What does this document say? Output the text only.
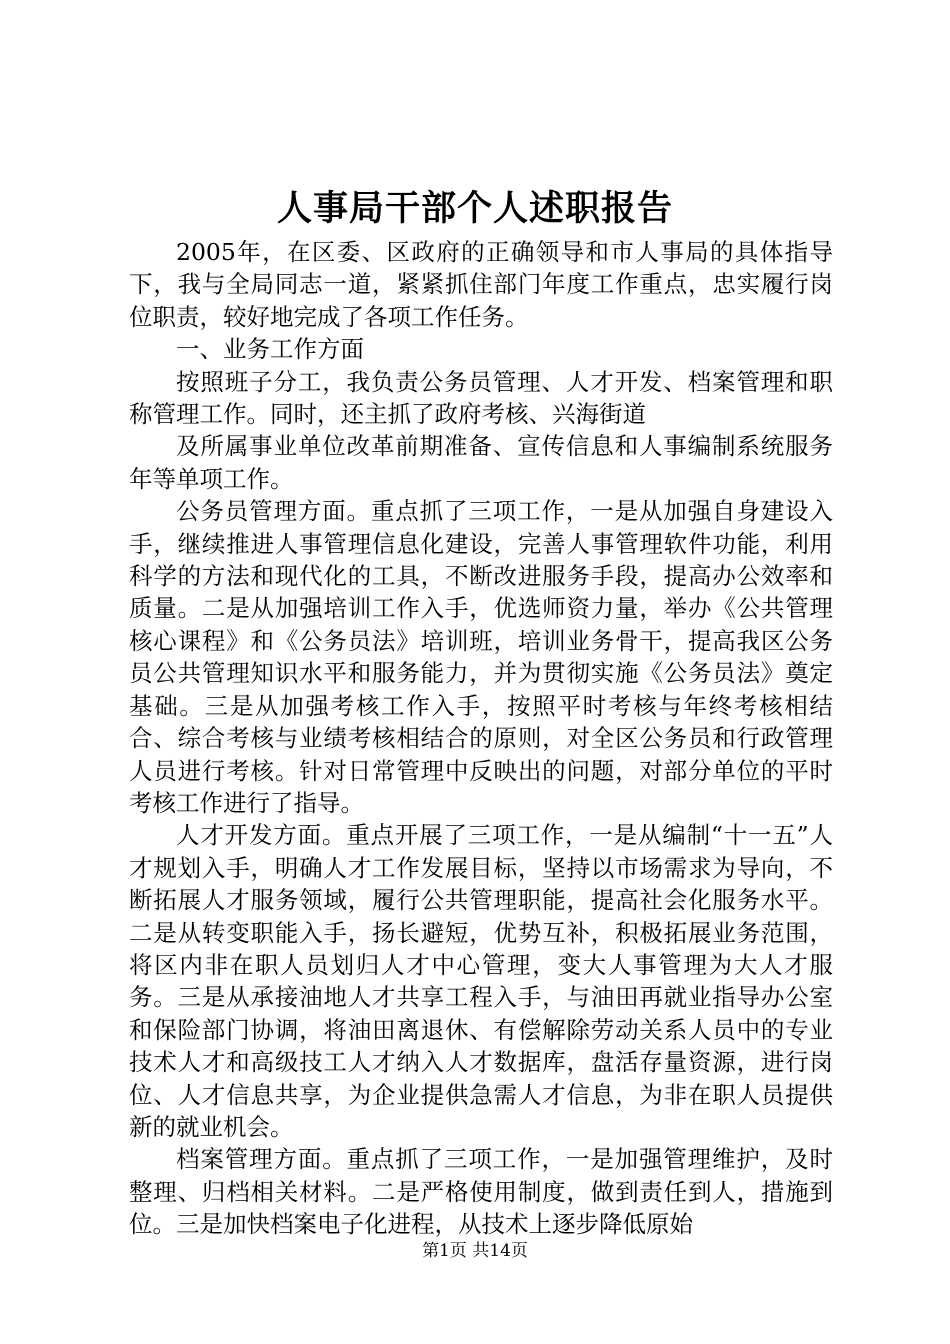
人事局干部个人述职报告

2005年，在区委、区政府的正确领导和市人事局的具体指导下，我与全局同志一道，紧紧抓住部门年度工作重点，忠实履行岗位职责，较好地完成了各项工作任务。

一、业务工作方面

按照班子分工，我负责公务员管理、人才开发、档案管理和职称管理工作。同时，还主抓了政府考核、兴海街道

及所属事业单位改革前期准备、宣传信息和人事编制系统服务年等单项工作。

公务员管理方面。重点抓了三项工作，一是从加强自身建设入手，继续推进人事管理信息化建设，完善人事管理软件功能，利用科学的方法和现代化的工具，不断改进服务手段，提高办公效率和质量。二是从加强培训工作入手，优选师资力量，举办《公共管理核心课程》和《公务员法》培训班，培训业务骨干，提高我区公务员公共管理知识水平和服务能力，并为贯彻实施《公务员法》奠定基础。三是从加强考核工作入手，按照平时考核与年终考核相结合、综合考核与业绩考核相结合的原则，对全区公务员和行政管理人员进行考核。针对日常管理中反映出的问题，对部分单位的平时考核工作进行了指导。

人才开发方面。重点开展了三项工作，一是从编制“十一五”人才规划入手，明确人才工作发展目标，坚持以市场需求为导向，不断拓展人才服务领域，履行公共管理职能，提高社会化服务水平。二是从转变职能入手，扬长避短，优势互补，积极拓展业务范围，将区内非在职人员划归人才中心管理，变大人事管理为大人才服务。三是从承接油地人才共享工程入手，与油田再就业指导办公室和保险部门协调，将油田离退休、有偿解除劳动关系人员中的专业技术人才和高级技工人才纳入人才数据库，盘活存量资源，进行岗位、人才信息共享，为企业提供急需人才信息，为非在职人员提供新的就业机会。

档案管理方面。重点抓了三项工作，一是加强管理维护，及时整理、归档相关材料。二是严格使用制度，做到责任到人，措施到位。三是加快档案电子化进程，从技术上逐步降低原始

第1页 共14页
